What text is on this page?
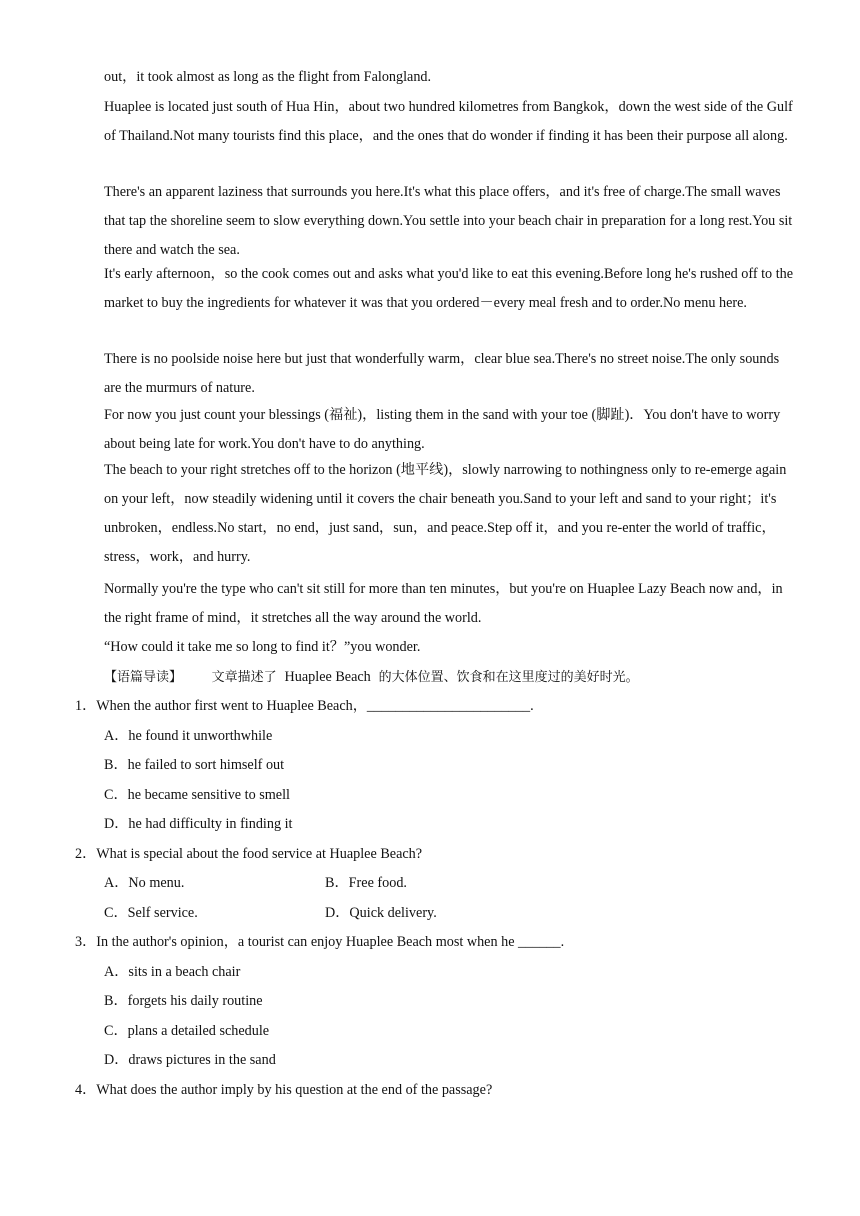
out，it took almost as long as the flight from Falongland.

Huaplee is located just south of Hua Hin，about two hundred kilometres from Bangkok，down the west side of the Gulf of Thailand.Not many tourists find this place，and the ones that do wonder if finding it has been their purpose all along.

There's an apparent laziness that surrounds you here.It's what this place offers，and it's free of charge.The small waves that tap the shoreline seem to slow everything down.You settle into your beach chair in preparation for a long rest.You sit there and watch the sea.

It's early afternoon，so the cook comes out and asks what you'd like to eat this evening.Before long he's rushed off to the market to buy the ingredients for whatever it was that you ordered－every meal fresh and to order.No menu here.

There is no poolside noise here but just that wonderfully warm，clear blue sea.There's no street noise.The only sounds are the murmurs of nature.

For now you just count your blessings (福祉)，listing them in the sand with your toe (脚趾)．You don't have to worry about being late for work.You don't have to do anything.

The beach to your right stretches off to the horizon (地平线)，slowly narrowing to nothingness only to re-emerge again on your left，now steadily widening until it covers the chair beneath you.Sand to your left and sand to your right；it's unbroken，endless.No start，no end，just sand，sun，and peace.Step off it，and you re-enter the world of traffic，stress，work，and hurry.

Normally you're the type who can't sit still for more than ten minutes，but you're on Huaplee Lazy Beach now and，in the right frame of mind，it stretches all the way around the world.

“How could it take me so long to find it？”you wonder.

【语篇导读】 文章描述了 Huaplee Beach 的大体位置、饮食和在这里度过的美好时光。

1．When the author first went to Huaplee Beach，_______________________.

A．he found it unworthwhile

B．he failed to sort himself out

C．he became sensitive to smell

D．he had difficulty in finding it

2．What is special about the food service at Huaplee Beach?

A．No menu.	B．Free food.

C．Self service.	D．Quick delivery.

3．In the author's opinion，a tourist can enjoy Huaplee Beach most when he ______.

A．sits in a beach chair

B．forgets his daily routine

C．plans a detailed schedule

D．draws pictures in the sand

4．What does the author imply by his question at the end of the passage?
